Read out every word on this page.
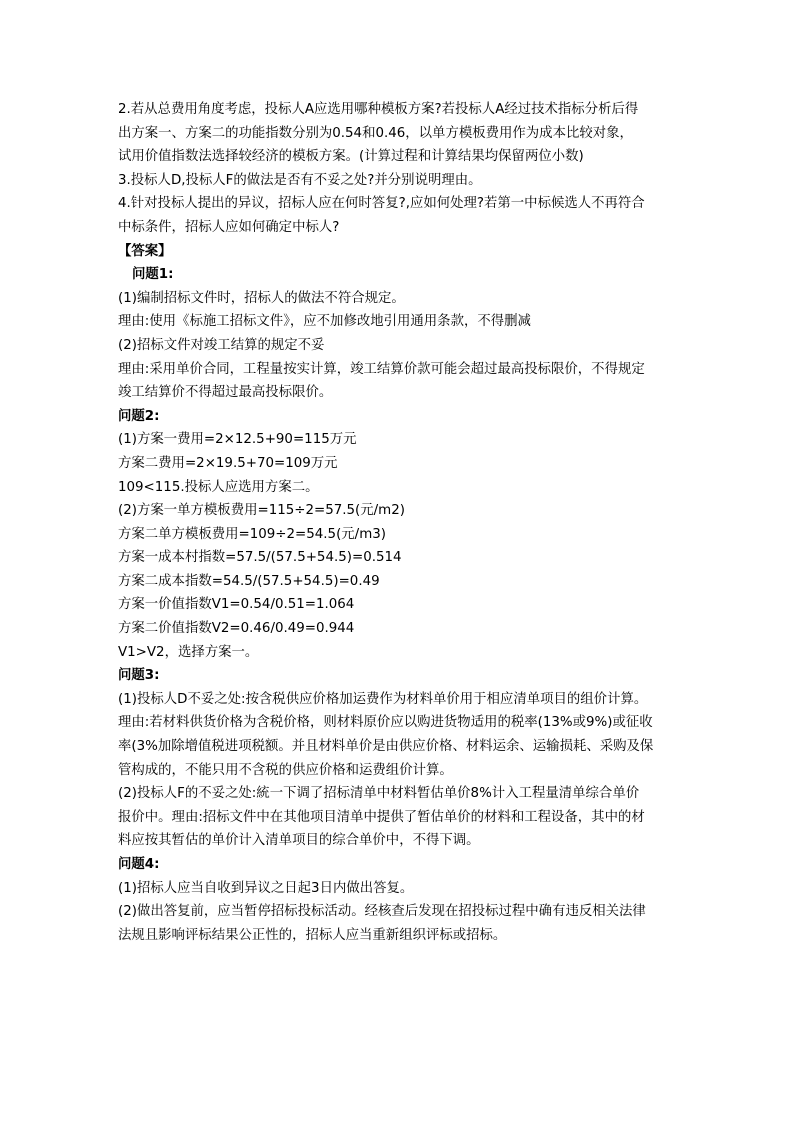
2.若从总费用角度考虑，投标人A应选用哪种模板方案?若投标人A经过技术指标分析后得
出方案一、方案二的功能指数分别为0.54和0.46，以单方模板费用作为成本比较对象，
试用价值指数法选择较经济的模板方案。(计算过程和计算结果均保留两位小数)
3.投标人D,投标人F的做法是否有不妥之处?并分别说明理由。
4.针对投标人提出的异议，招标人应在何时答复?,应如何处理?若第一中标候选人不再符合
中标条件，招标人应如何确定中标人?
【答案】
问题1:
(1)编制招标文件时，招标人的做法不符合规定。
理由:使用《标施工招标文件》，应不加修改地引用通用条款，不得删减
(2)招标文件对竣工结算的规定不妥
理由:采用单价合同，工程量按实计算，竣工结算价款可能会超过最高投标限价，不得规定
竣工结算价不得超过最高投标限价。
问题2:
(1)方案一费用=2×12.5+90=115万元
方案二费用=2×19.5+70=109万元
109<115.投标人应选用方案二。
(2)方案一单方模板费用=115÷2=57.5(元/m2)
方案二单方模板费用=109÷2=54.5(元/m3)
方案一成本村指数=57.5/(57.5+54.5)=0.514
方案二成本指数=54.5/(57.5+54.5)=0.49
方案一价值指数V1=0.54/0.51=1.064
方案二价值指数V2=0.46/0.49=0.944
V1>V2，选择方案一。
问题3:
(1)投标人D不妥之处:按含税供应价格加运费作为材料单价用于相应清单项目的组价计算。
理由:若材料供货价格为含税价格，则材料原价应以购进货物适用的税率(13%或9%)或征收
率(3%加除增值税进项税额。并且材料单价是由供应价格、材料运余、运输损耗、采购及保
管构成的，不能只用不含税的供应价格和运费组价计算。
(2)投标人F的不妥之处:統一下调了招标清单中材料暂估单价8%计入工程量清单综合单价
报价中。理由:招标文件中在其他项目清单中提供了暂估单价的材料和工程设备，其中的材
料应按其暂估的单价计入清单项目的综合单价中，不得下调。
问题4:
(1)招标人应当自收到异议之日起3日内做出答复。
(2)做出答复前，应当暂停招标投标活动。经核查后发现在招投标过程中确有违反相关法律
法规且影响评标结果公正性的，招标人应当重新组织评标或招标。
